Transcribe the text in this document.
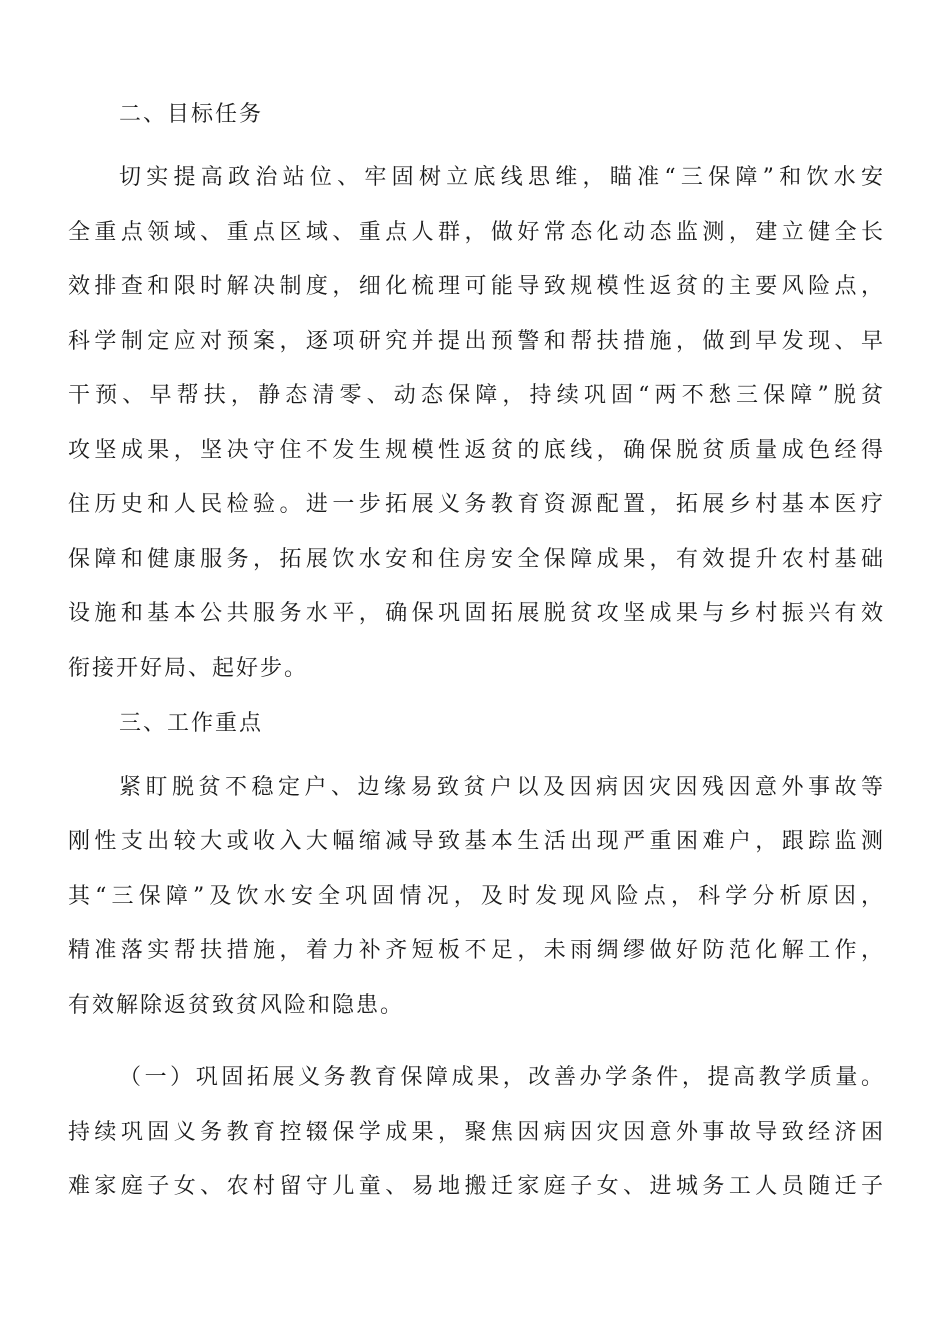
二、目标任务
切实提高政治站位、牢固树立底线思维，瞄准“三保障”和饮水安
全重点领域、重点区域、重点人群，做好常态化动态监测，建立健全长
效排查和限时解决制度，细化梳理可能导致规模性返贫的主要风险点，
科学制定应对预案，逐项研究并提出预警和帮扶措施，做到早发现、早
干预、早帮扶，静态清零、动态保障，持续巩固“两不愁三保障”脱贫
攻坚成果，坚决守住不发生规模性返贫的底线，确保脱贫质量成色经得
住历史和人民检验。进一步拓展义务教育资源配置，拓展乡村基本医疗
保障和健康服务，拓展饮水安和住房安全保障成果，有效提升农村基础
设施和基本公共服务水平，确保巩固拓展脱贫攻坚成果与乡村振兴有效
衔接开好局、起好步。
三、工作重点
紧盯脱贫不稳定户、边缘易致贫户以及因病因灾因残因意外事故等
刚性支出较大或收入大幅缩减导致基本生活出现严重困难户，跟踪监测
其“三保障”及饮水安全巩固情况，及时发现风险点，科学分析原因，
精准落实帮扶措施，着力补齐短板不足，未雨绸缪做好防范化解工作，
有效解除返贫致贫风险和隐患。
（一）巩固拓展义务教育保障成果，改善办学条件，提高教学质量。
持续巩固义务教育控辍保学成果，聚焦因病因灾因意外事故导致经济困
难家庭子女、农村留守儿童、易地搬迁家庭子女、进城务工人员随迁子
